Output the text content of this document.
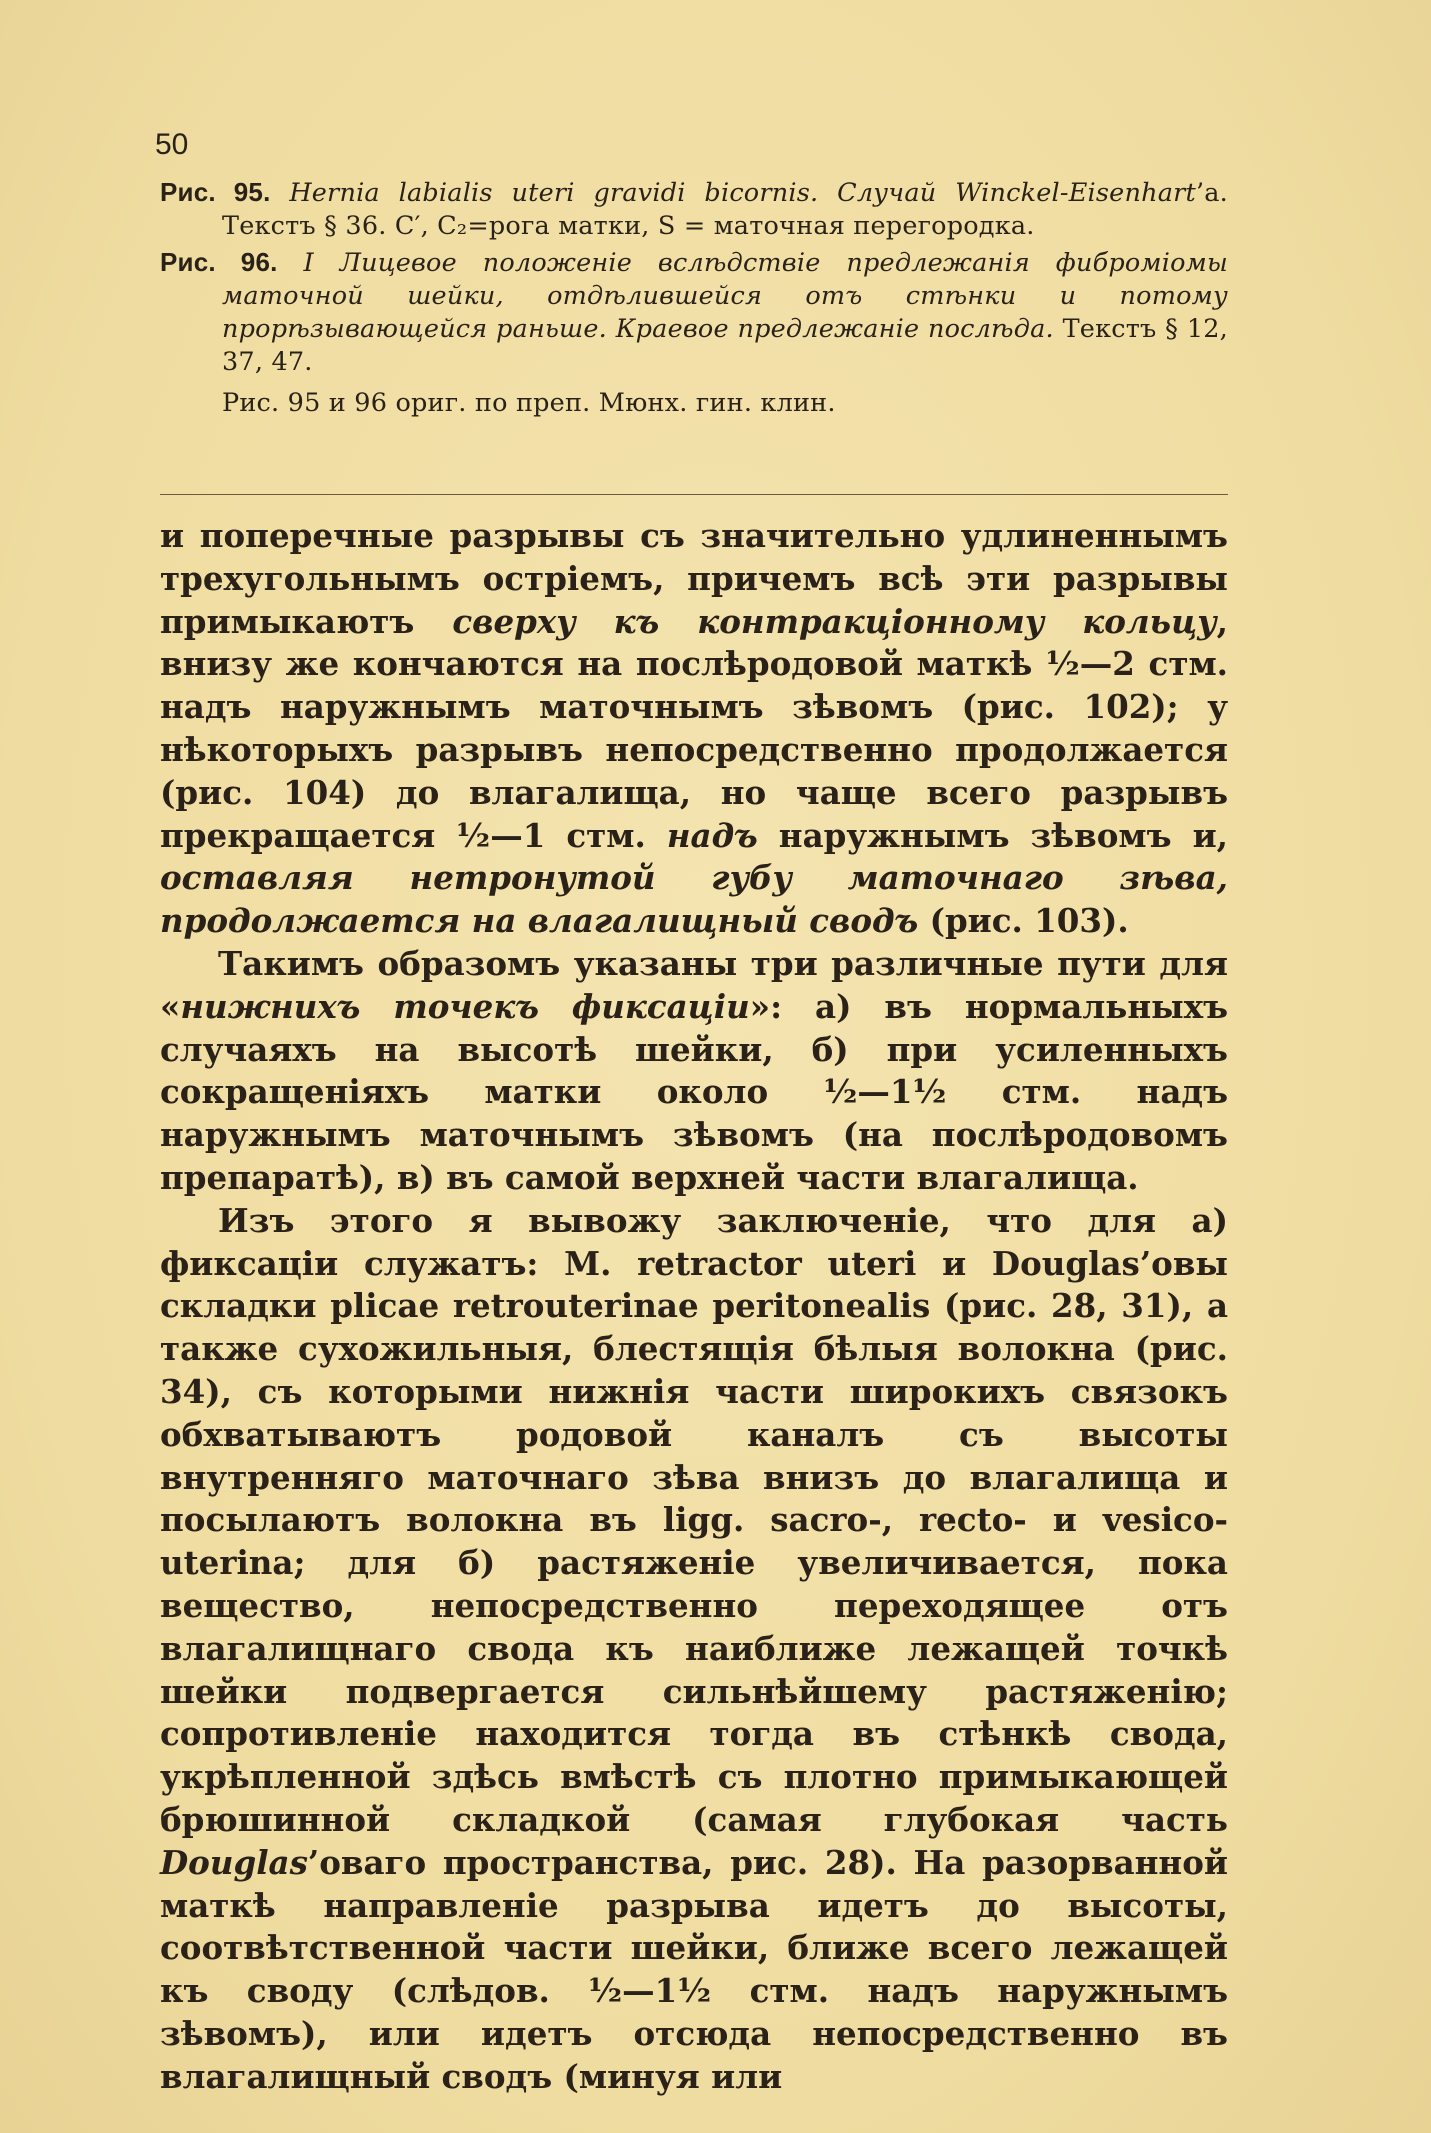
50

Рис. 95. Hernia labialis uteri gravidi bicornis. Случай Winckel-Eisenhart’а. Текстъ § 36. C′, C₂=рога матки, S = маточная перегородка.

Рис. 96. I Лицевое положеніе вслѣдствіе предлежанія фибромiомы маточной шейки, отдѣлившейся отъ стѣнки и потому прорѣзывающейся раньше. Краевое предлежаніе послѣда. Текстъ § 12, 37, 47.

Рис. 95 и 96 ориг. по преп. Мюнх. гин. клин.

и поперечные разрывы съ значительно удлиненнымъ трехугольнымъ остріемъ, причемъ всѣ эти разрывы примыкаютъ сверху къ контракціонному кольцу, внизу же кончаются на послѣродовой маткѣ ½—2 стм. надъ наружнымъ маточнымъ зѣвомъ (рис. 102); у нѣкоторыхъ разрывъ непосредственно продолжается (рис. 104) до влагалища, но чаще всего разрывъ прекращается ½—1 стм. надъ наружнымъ зѣвомъ и, оставляя нетронутой губу маточнаго зѣва, продолжается на влагалищный сводъ (рис. 103).

Такимъ образомъ указаны три различные пути для «нижнихъ точекъ фиксаціи»: а) въ нормальныхъ случаяхъ на высотѣ шейки, б) при усиленныхъ сокращеніяхъ матки около ½—1½ стм. надъ наружнымъ маточнымъ зѣвомъ (на послѣродовомъ препаратѣ), в) въ самой верхней части влагалища.

Изъ этого я вывожу заключеніе, что для а) фиксаціи служатъ: M. retractor uteri и Douglas’овы складки plicae retrouterinae peritonealis (рис. 28, 31), а также сухожильныя, блестящія бѣлыя волокна (рис. 34), съ которыми нижнія части широкихъ связокъ обхватываютъ родовой каналъ съ высоты внутренняго маточнаго зѣва внизъ до влагалища и посылаютъ волокна въ ligg. sacro-, recto- и vesico-uterina; для б) растяженіе увеличивается, пока вещество, непосредственно переходящее отъ влагалищнаго свода къ наиближе лежащей точкѣ шейки подвергается сильнѣйшему растяженію; сопротивленіе находится тогда въ стѣнкѣ свода, укрѣпленной здѣсь вмѣстѣ съ плотно примыкающей брюшинной складкой (самая глубокая часть Douglas’оваго пространства, рис. 28). На разорванной маткѣ направленіе разрыва идетъ до высоты, соотвѣтственной части шейки, ближе всего лежащей къ своду (слѣдов. ½—1½ стм. надъ наружнымъ зѣвомъ), или идетъ отсюда непосредственно въ влагалищный сводъ (минуя или
